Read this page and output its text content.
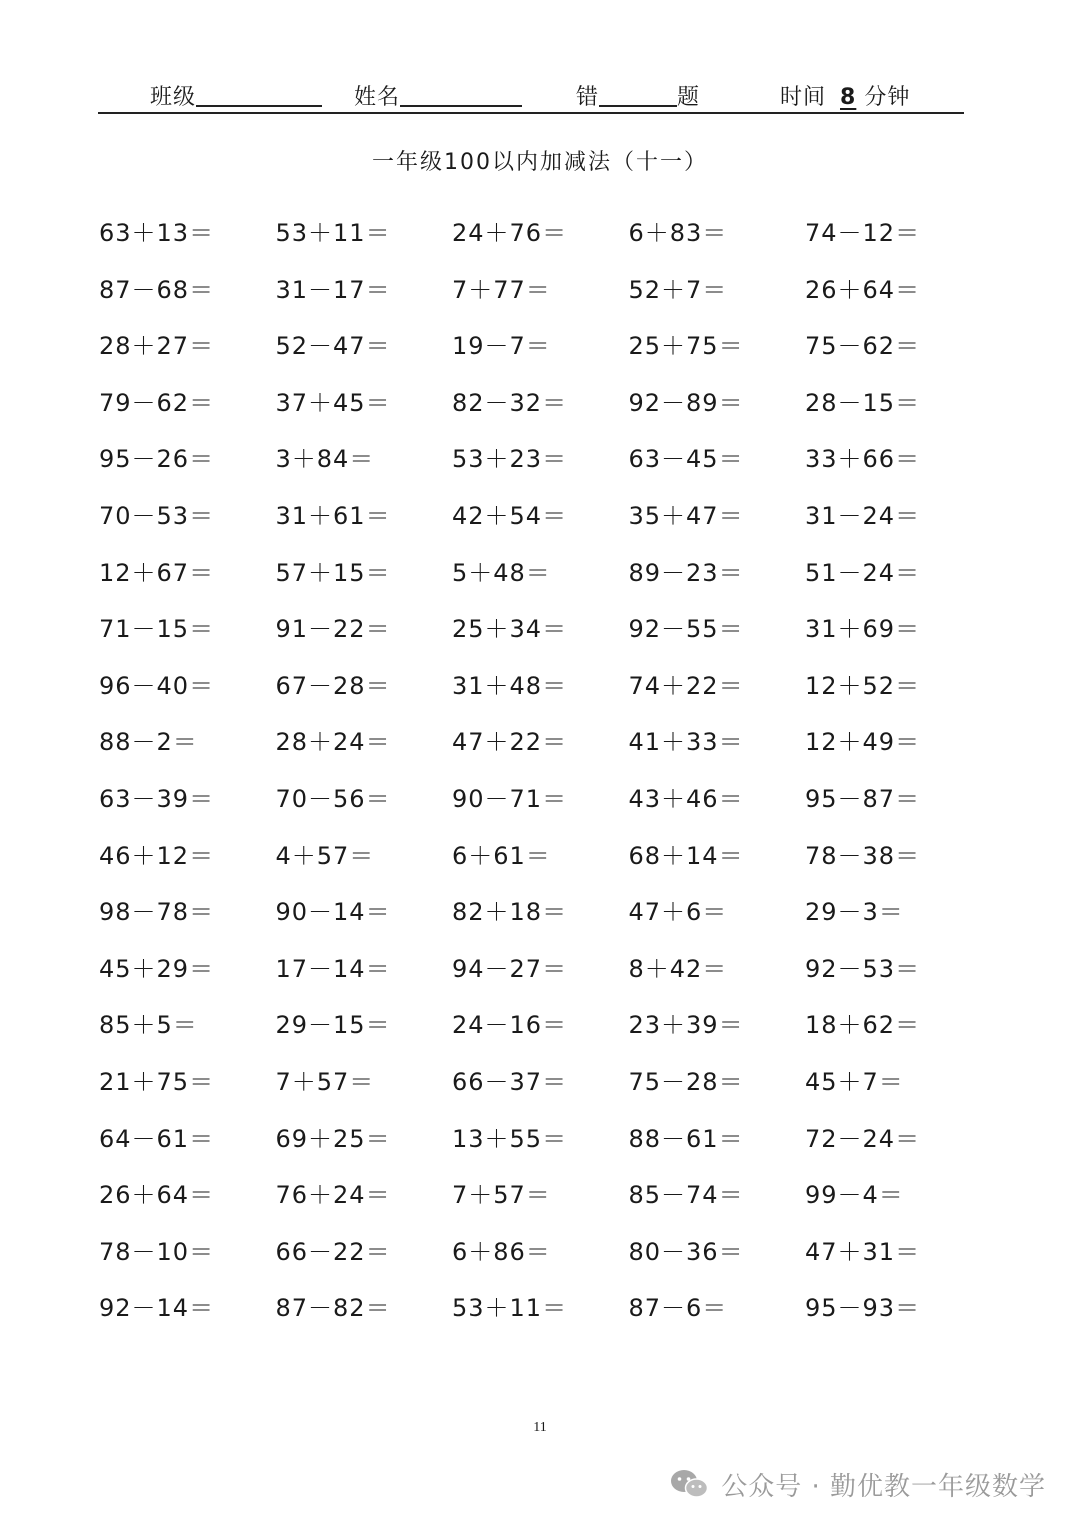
班级	姓名	错	题	时间 8 分钟
一年级100以内加减法（十一）
63＋13＝	53＋11＝	24＋76＝	6＋83＝	74－12＝
87－68＝	31－17＝	7＋77＝	52＋7＝	26＋64＝
28＋27＝	52－47＝	19－7＝	25＋75＝	75－62＝
79－62＝	37＋45＝	82－32＝	92－89＝	28－15＝
95－26＝	3＋84＝	53＋23＝	63－45＝	33＋66＝
70－53＝	31＋61＝	42＋54＝	35＋47＝	31－24＝
12＋67＝	57＋15＝	5＋48＝	89－23＝	51－24＝
71－15＝	91－22＝	25＋34＝	92－55＝	31＋69＝
96－40＝	67－28＝	31＋48＝	74＋22＝	12＋52＝
88－2＝	28＋24＝	47＋22＝	41＋33＝	12＋49＝
63－39＝	70－56＝	90－71＝	43＋46＝	95－87＝
46＋12＝	4＋57＝	6＋61＝	68＋14＝	78－38＝
98－78＝	90－14＝	82＋18＝	47＋6＝	29－3＝
45＋29＝	17－14＝	94－27＝	8＋42＝	92－53＝
85＋5＝	29－15＝	24－16＝	23＋39＝	18＋62＝
21＋75＝	7＋57＝	66－37＝	75－28＝	45＋7＝
64－61＝	69＋25＝	13＋55＝	88－61＝	72－24＝
26＋64＝	76＋24＝	7＋57＝	85－74＝	99－4＝
78－10＝	66－22＝	6＋86＝	80－36＝	47＋31＝
92－14＝	87－82＝	53＋11＝	87－6＝	95－93＝
11
公众号 · 勤优教一年级数学
